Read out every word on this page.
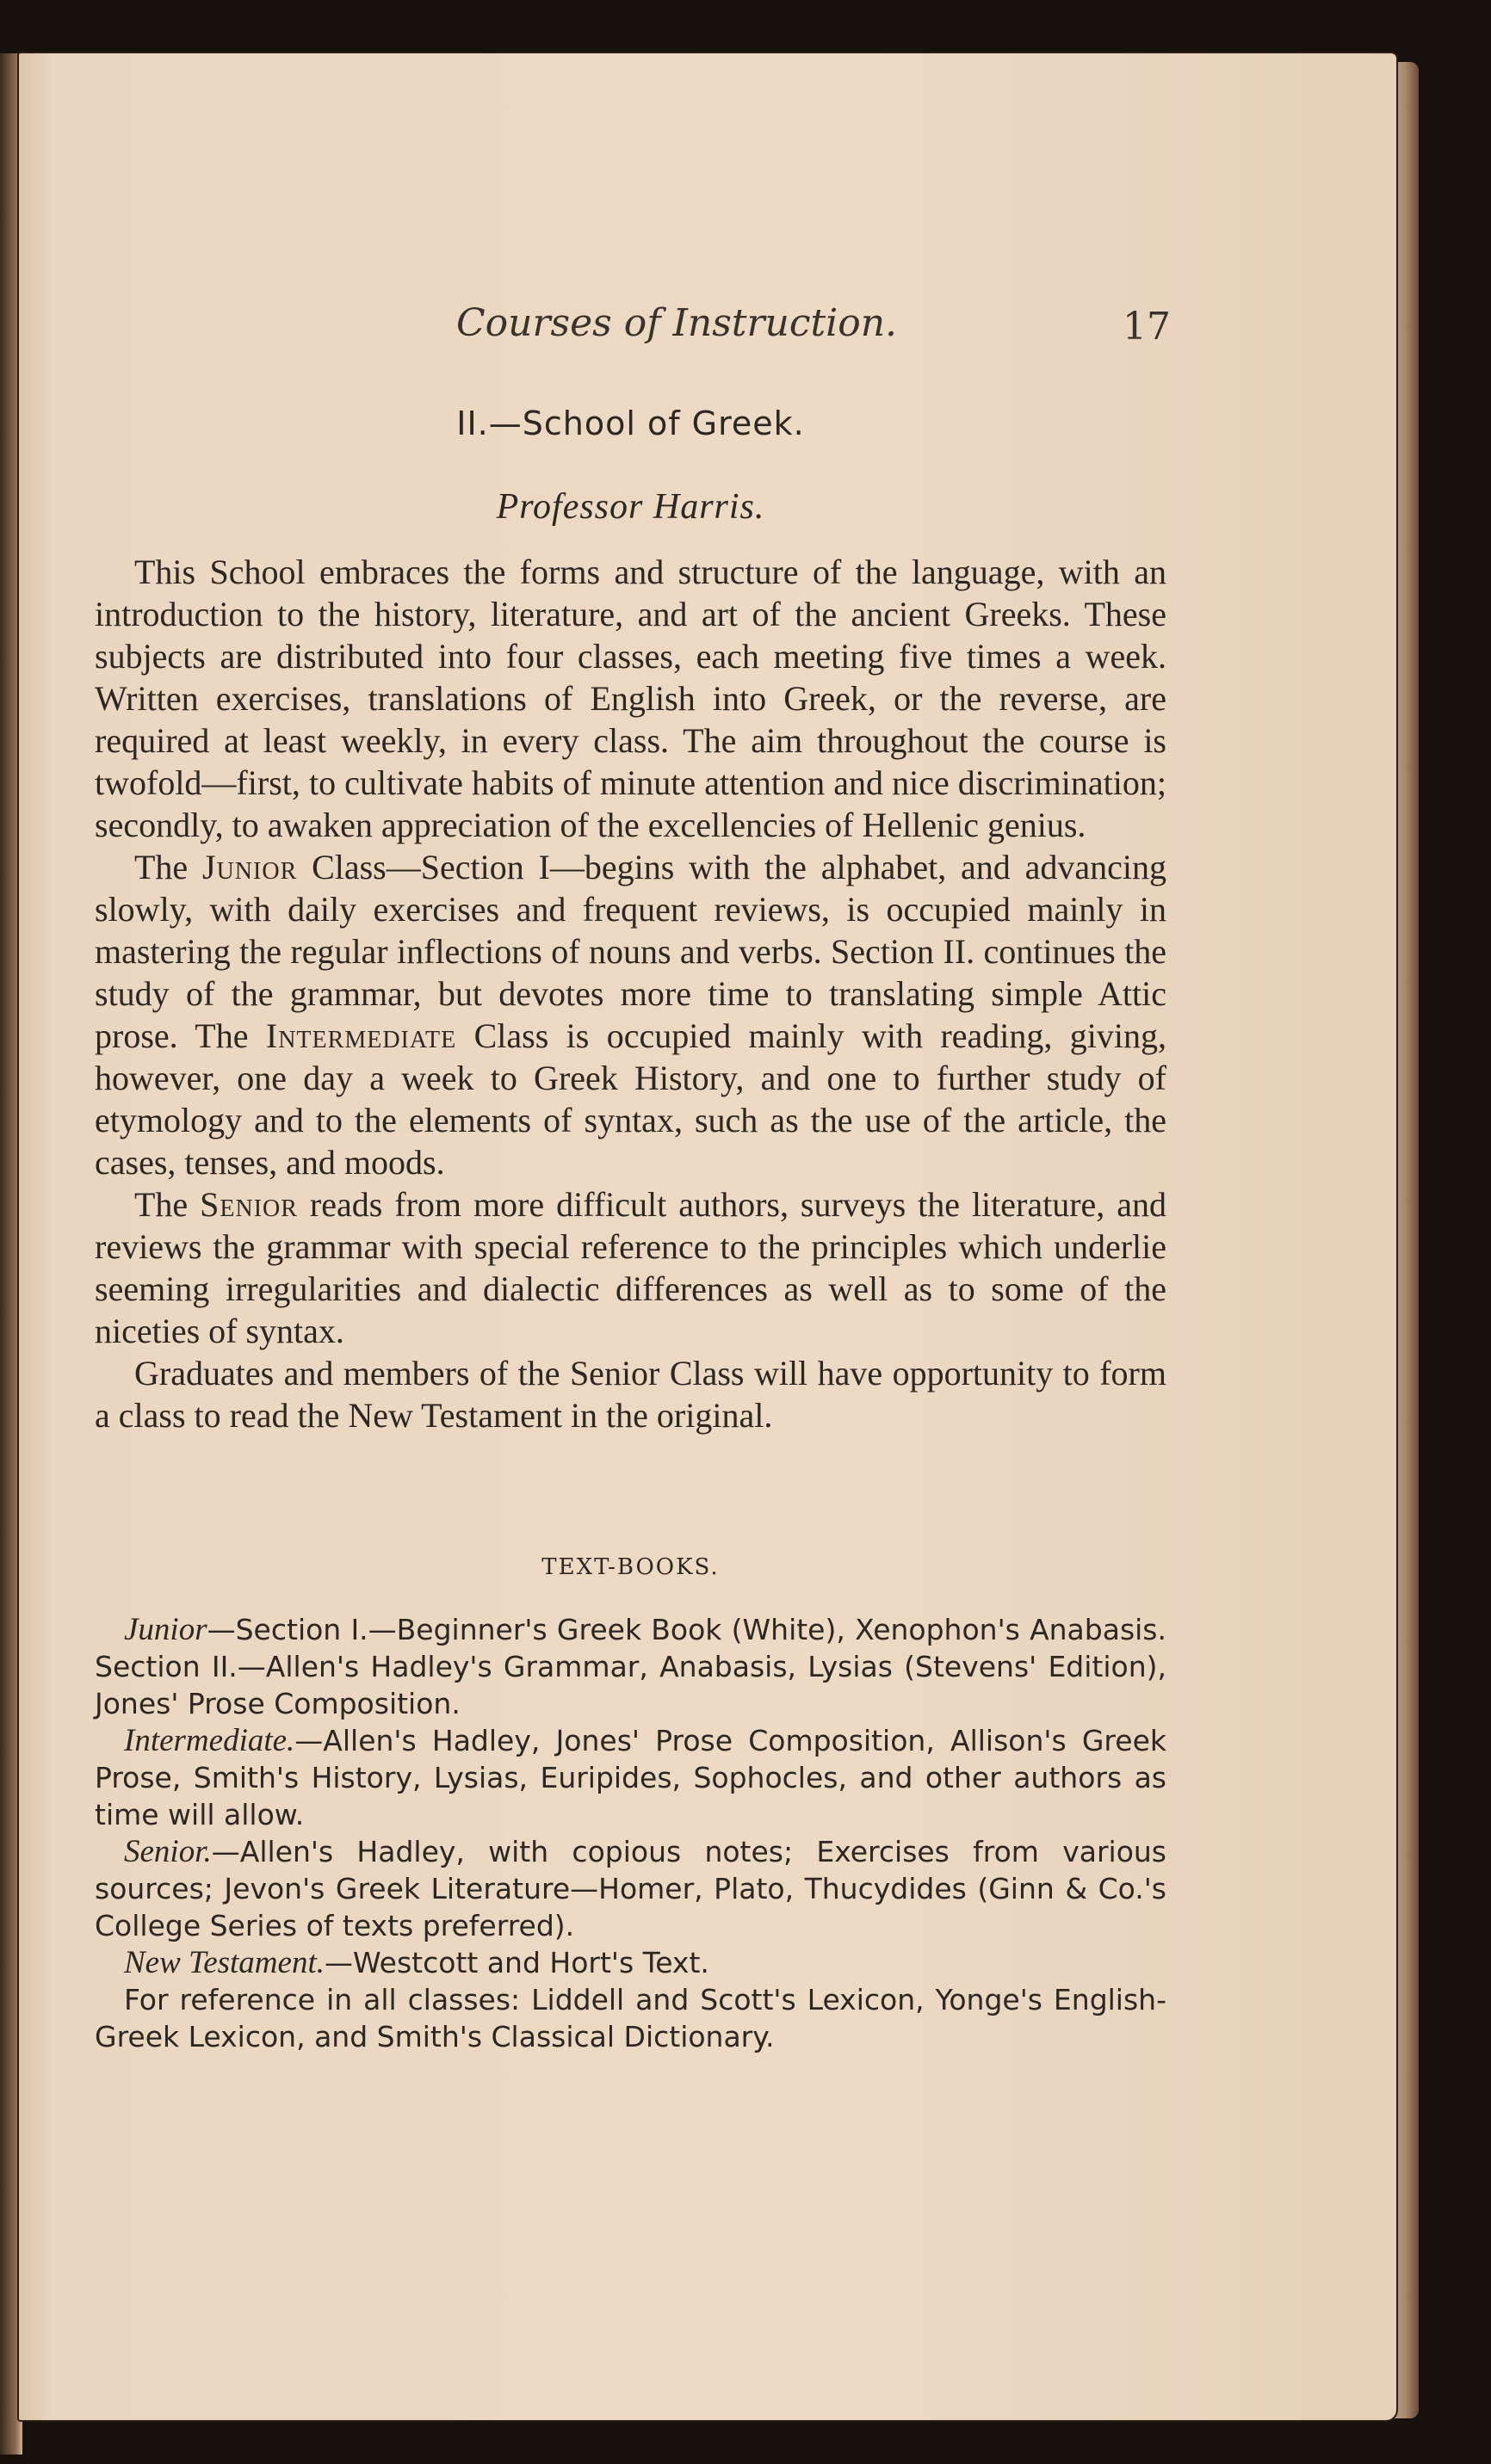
Courses of Instruction.	17
II.—School of Greek.
Professor Harris.

This School embraces the forms and structure of the language, with an introduction to the history, literature, and art of the ancient Greeks. These subjects are distributed into four classes, each meeting five times a week. Written exercises, translations of English into Greek, or the reverse, are required at least weekly, in every class. The aim throughout the course is twofold—first, to cultivate habits of minute attention and nice discrimination; secondly, to awaken appreciation of the excellencies of Hellenic genius.

The Junior Class—Section I—begins with the alphabet, and advancing slowly, with daily exercises and frequent reviews, is occupied mainly in mastering the regular inflections of nouns and verbs. Section II. continues the study of the grammar, but devotes more time to translating simple Attic prose. The Intermediate Class is occupied mainly with reading, giving, however, one day a week to Greek History, and one to further study of etymology and to the elements of syntax, such as the use of the article, the cases, tenses, and moods.

The Senior reads from more difficult authors, surveys the literature, and reviews the grammar with special reference to the principles which underlie seeming irregularities and dialectic differences as well as to some of the niceties of syntax.

Graduates and members of the Senior Class will have opportunity to form a class to read the New Testament in the original.

TEXT-BOOKS.

Junior—Section I.—Beginner's Greek Book (White), Xenophon's Anabasis. Section II.—Allen's Hadley's Grammar, Anabasis, Lysias (Stevens' Edition), Jones' Prose Composition.

Intermediate.—Allen's Hadley, Jones' Prose Composition, Allison's Greek Prose, Smith's History, Lysias, Euripides, Sophocles, and other authors as time will allow.

Senior.—Allen's Hadley, with copious notes; Exercises from various sources; Jevon's Greek Literature—Homer, Plato, Thucydides (Ginn & Co.'s College Series of texts preferred).

New Testament.—Westcott and Hort's Text.

For reference in all classes: Liddell and Scott's Lexicon, Yonge's English-Greek Lexicon, and Smith's Classical Dictionary.
